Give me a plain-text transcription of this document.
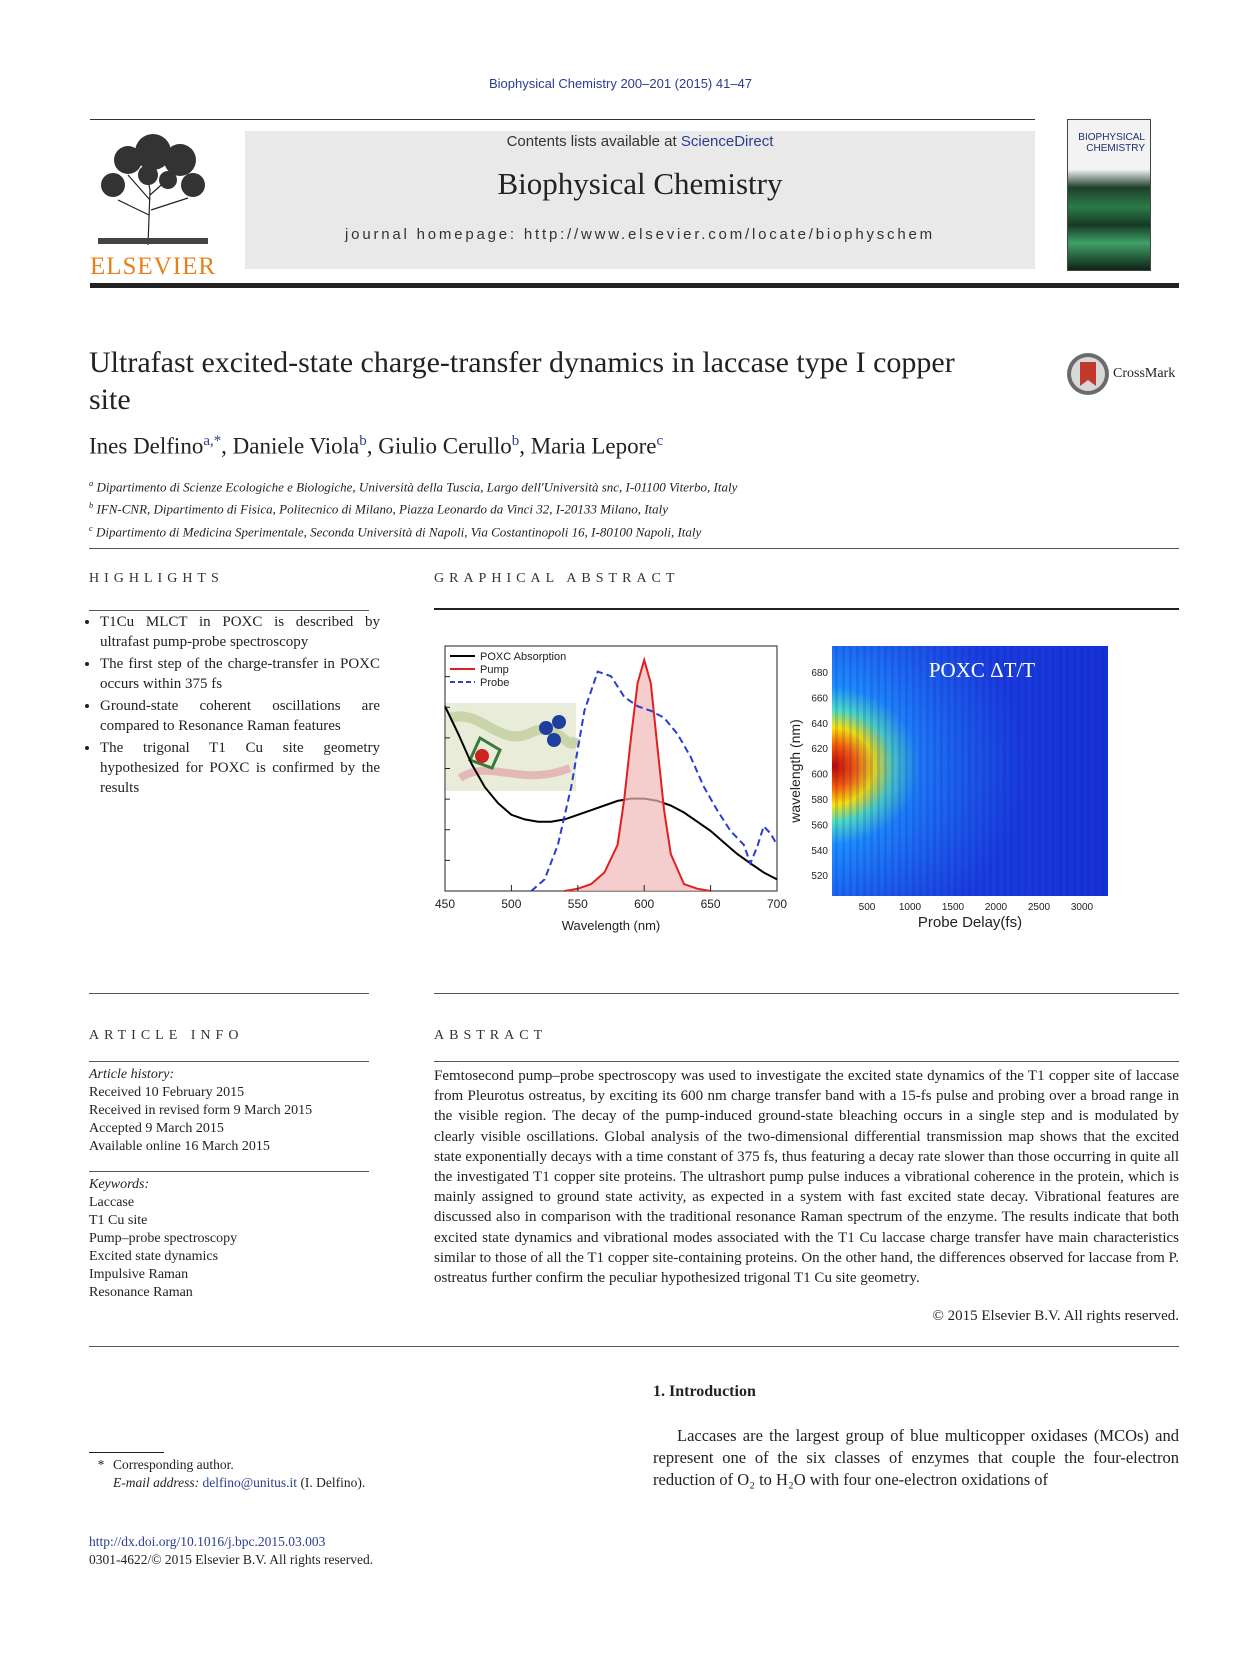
Biophysical Chemistry 200–201 (2015) 41–47
ELSEVIER
Contents lists available at ScienceDirect
Biophysical Chemistry
journal homepage: http://www.elsevier.com/locate/biophyschem
BIOPHYSICAL CHEMISTRY
Ultrafast excited-state charge-transfer dynamics in laccase type I copper site
CrossMark
Ines Delfino$^{a,*}$, Daniele Viola$^b$, Giulio Cerullo$^b$, Maria Lepore$^c$
$^a$ Dipartimento di Scienze Ecologiche e Biologiche, Università della Tuscia, Largo dell'Università snc, I-01100 Viterbo, Italy
$^b$ IFN-CNR, Dipartimento di Fisica, Politecnico di Milano, Piazza Leonardo da Vinci 32, I-20133 Milano, Italy
$^c$ Dipartimento di Medicina Sperimentale, Seconda Università di Napoli, Via Costantinopoli 16, I-80100 Napoli, Italy
HIGHLIGHTS
• T1Cu MLCT in POXC is described by ultrafast pump-probe spectroscopy
• The first step of the charge-transfer in POXC occurs within 375 fs
• Ground-state coherent oscillations are compared to Resonance Raman features
• The trigonal T1 Cu site geometry hypothesized for POXC is confirmed by the results
GRAPHICAL ABSTRACT
450	500	550	600	650	700
POXC Absorption
Pump
Probe
Wavelength (nm)
POXC ΔT/T
680
660
640
620
600
580
560
540
520
500 1000 1500 2000 2500 3000
wavelength (nm)
Probe Delay(fs)
ARTICLE INFO
Article history:
Received 10 February 2015
Received in revised form 9 March 2015
Accepted 9 March 2015
Available online 16 March 2015
Keywords:
Laccase
T1 Cu site
Pump–probe spectroscopy
Excited state dynamics
Impulsive Raman
Resonance Raman
ABSTRACT
Femtosecond pump–probe spectroscopy was used to investigate the excited state dynamics of the T1 copper site of laccase from Pleurotus ostreatus, by exciting its 600 nm charge transfer band with a 15-fs pulse and probing over a broad range in the visible region. The decay of the pump-induced ground-state bleaching occurs in a single step and is modulated by clearly visible oscillations. Global analysis of the two-dimensional differential transmission map shows that the excited state exponentially decays with a time constant of 375 fs, thus featuring a decay rate slower than those occurring in quite all the investigated T1 copper site proteins. The ultrashort pump pulse induces a vibrational coherence in the protein, which is mainly assigned to ground state activity, as expected in a system with fast excited state decay. Vibrational features are discussed also in comparison with the traditional resonance Raman spectrum of the enzyme. The results indicate that both excited state dynamics and vibrational modes associated with the T1 Cu laccase charge transfer have main characteristics similar to those of all the T1 copper site-containing proteins. On the other hand, the differences observed for laccase from P. ostreatus further confirm the peculiar hypothesized trigonal T1 Cu site geometry.
© 2015 Elsevier B.V. All rights reserved.
1. Introduction
Laccases are the largest group of blue multicopper oxidases (MCOs) and represent one of the six classes of enzymes that couple the four-electron reduction of O₂ to H₂O with four one-electron oxidations of
* Corresponding author.
E-mail address: delfino@unitus.it (I. Delfino).
http://dx.doi.org/10.1016/j.bpc.2015.03.003
0301-4622/© 2015 Elsevier B.V. All rights reserved.
